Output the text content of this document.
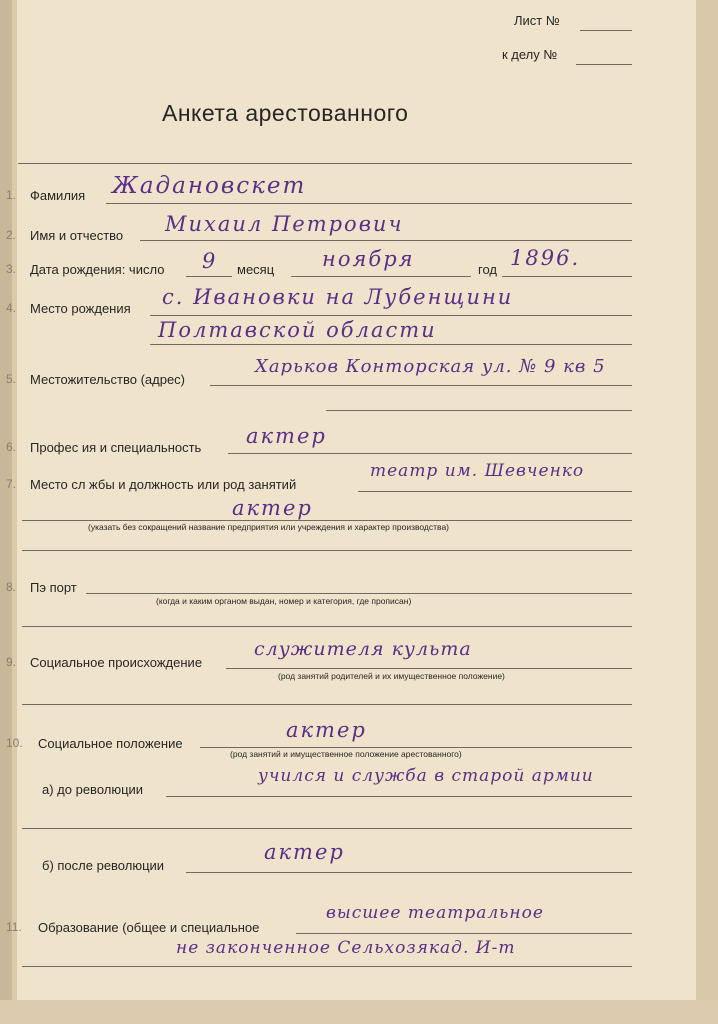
Лист №
к делу №
Анкета арестованного
1.
2.
3.
4.
5.
6.
7.
8.
9.
10.
11.
Фамилия Жадановскет
Имя и отчество Михаил Петрович
Дата рождения: число 9 месяц ноября	год 1896.
Место рождения с. Ивановки на Лубенщини
Полтавской области
Местожительство (адрес)
Харьков Конторская ул. № 9 кв 5
Профес ия и специальность актер
Место сл жбы и должность или род занятий
театр им. Шевченко
актер
(указать без сокращений название предприятия или учреждения и характер производства)
Пэ порт
(когда и каким органом выдан, номер и категория, где прописан)
Социальное происхождение
служителя культа
(род занятий родителей и их имущественное положение)
Социальное положение
актер
(род занятий и имущественное положение арестованного)
а) до революции
учился и служба в старой армии
б) после революции
актер
Образование (общее и специальное
высшее театральное
не законченное Сельхозякад. И-т
